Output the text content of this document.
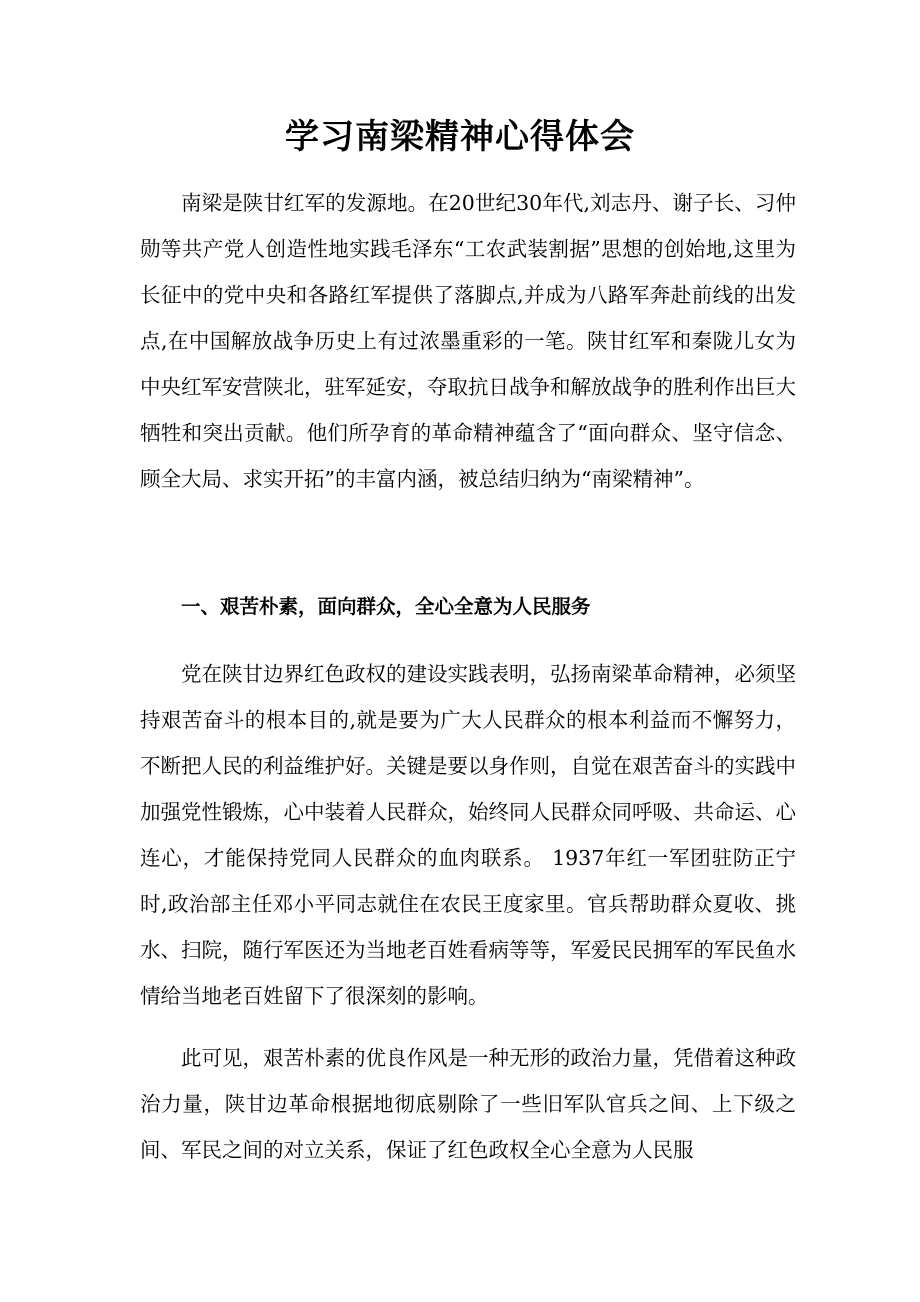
学习南梁精神心得体会

南梁是陕甘红军的发源地。在20世纪30年代,刘志丹、谢子长、习仲勋等共产党人创造性地实践毛泽东“工农武装割据”思想的创始地,这里为长征中的党中央和各路红军提供了落脚点,并成为八路军奔赴前线的出发点,在中国解放战争历史上有过浓墨重彩的一笔。陕甘红军和秦陇儿女为中央红军安营陕北，驻军延安，夺取抗日战争和解放战争的胜利作出巨大牺牲和突出贡献。他们所孕育的革命精神蕴含了“面向群众、坚守信念、顾全大局、求实开拓”的丰富内涵，被总结归纳为“南梁精神”。

一、艰苦朴素，面向群众，全心全意为人民服务

党在陕甘边界红色政权的建设实践表明，弘扬南梁革命精神，必须坚持艰苦奋斗的根本目的,就是要为广大人民群众的根本利益而不懈努力，不断把人民的利益维护好。关键是要以身作则，自觉在艰苦奋斗的实践中加强党性锻炼，心中装着人民群众，始终同人民群众同呼吸、共命运、心连心，才能保持党同人民群众的血肉联系。 1937年红一军团驻防正宁时,政治部主任邓小平同志就住在农民王度家里。官兵帮助群众夏收、挑水、扫院，随行军医还为当地老百姓看病等等，军爱民民拥军的军民鱼水情给当地老百姓留下了很深刻的影响。

此可见，艰苦朴素的优良作风是一种无形的政治力量，凭借着这种政治力量，陕甘边革命根据地彻底剔除了一些旧军队官兵之间、上下级之间、军民之间的对立关系，保证了红色政权全心全意为人民服
